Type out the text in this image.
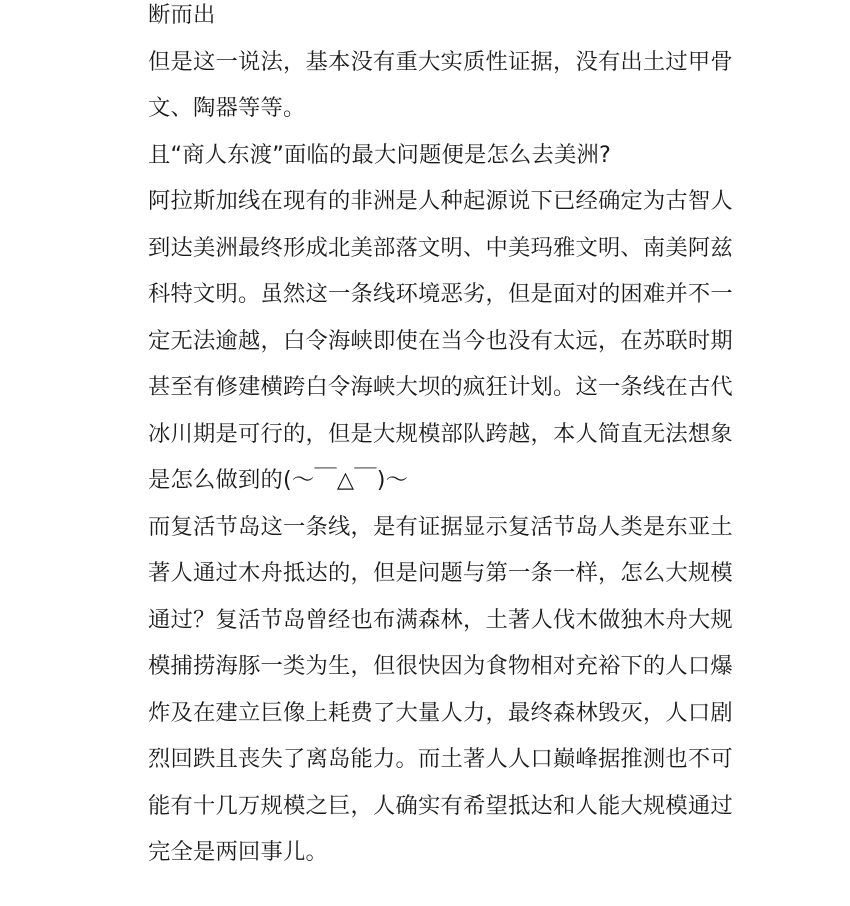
断而出

但是这一说法，基本没有重大实质性证据，没有出土过甲骨文、陶器等等。

且“商人东渡”面临的最大问题便是怎么去美洲?

阿拉斯加线在现有的非洲是人种起源说下已经确定为古智人到达美洲最终形成北美部落文明、中美玛雅文明、南美阿兹科特文明。虽然这一条线环境恶劣，但是面对的困难并不一定无法逾越，白令海峡即使在当今也没有太远，在苏联时期甚至有修建横跨白令海峡大坝的疯狂计划。这一条线在古代冰川期是可行的，但是大规模部队跨越，本人简直无法想象是怎么做到的(～￣△￣)～

而复活节岛这一条线，是有证据显示复活节岛人类是东亚土著人通过木舟抵达的，但是问题与第一条一样，怎么大规模通过？复活节岛曾经也布满森林，土著人伐木做独木舟大规模捕捞海豚一类为生，但很快因为食物相对充裕下的人口爆炸及在建立巨像上耗费了大量人力，最终森林毁灭，人口剧烈回跌且丧失了离岛能力。而土著人人口巅峰据推测也不可能有十几万规模之巨，人确实有希望抵达和人能大规模通过完全是两回事儿。
